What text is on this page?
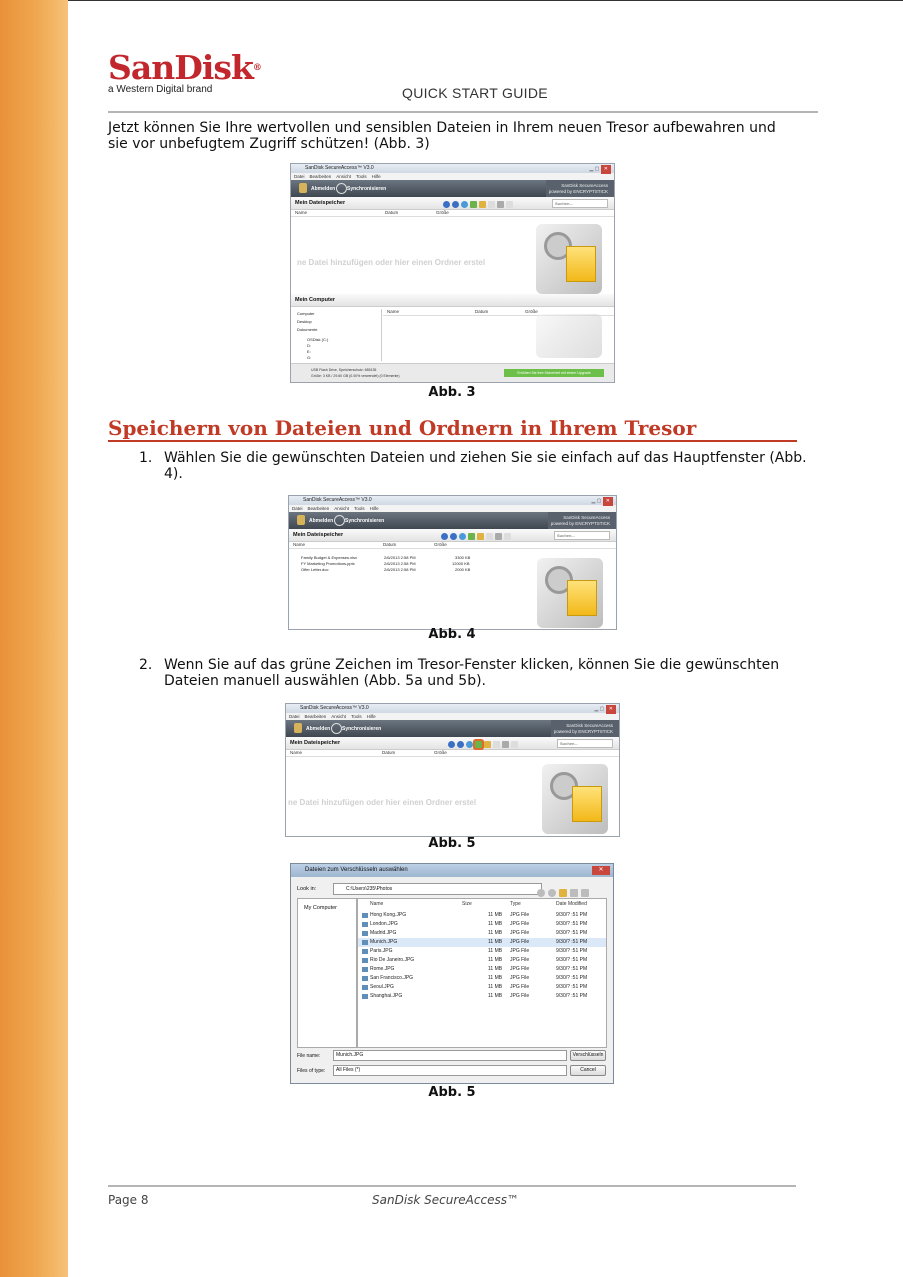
SanDisk®
a Western Digital brand	QUICK START GUIDE
Jetzt können Sie Ihre wertvollen und sensiblen Dateien in Ihrem neuen Tresor aufbewahren und
sie vor unbefugtem Zugriff schützen! (Abb. 3)
SanDisk SecureAccess™ V3.0	▁ ▢ ✕
Datei Bearbeiten Ansicht Tools Hilfe
Abmelden Synchronisieren
SanDisk SecureAccess
powered by ENCRYPTSTICK
Mein Dateispeicher	Suchen...
Name	Datum	Größe
ne Datei hinzufügen oder hier einen Ordner erstel
Mein Computer
Computer
Desktop
Dokumente
OSDisk (C:)
D:
E:
G:
Name	Datum	Größe
USB Flash Drive, Speicherschutz: 685135
Größe: 3 KB / 29.60 GB (0.00% verwendet) (0 Elemente)
Erhöhen Sie Ihre Sicherheit mit einem Upgrade
Abb. 3
Speichern von Dateien und Ordnern in Ihrem Tresor
1. Wählen Sie die gewünschten Dateien und ziehen Sie sie einfach auf das Hauptfenster (Abb.
4).
SanDisk SecureAccess™ V3.0	▁ ▢ ✕
Datei Bearbeiten Ansicht Tools Hilfe
Abmelden Synchronisieren
SanDisk SecureAccess
powered by ENCRYPTSTICK
Mein Dateispeicher	Suchen...
Name	Datum	Größe
Family Budget & Expenses.xlsx	2/6/2013 2:58 PM	3300 KB
FY Marketing Promotions.pptx	2/6/2013 2:58 PM	12000 KB
Offer Letter.doc	2/6/2013 2:58 PM	2000 KB
Abb. 4
2. Wenn Sie auf das grüne Zeichen im Tresor-Fenster klicken, können Sie die gewünschten
Dateien manuell auswählen (Abb. 5a und 5b).
SanDisk SecureAccess™ V3.0	▁ ▢ ✕
Datei Bearbeiten Ansicht Tools Hilfe
Abmelden Synchronisieren
SanDisk SecureAccess
powered by ENCRYPTSTICK
Mein Dateispeicher	Suchen...
Name	Datum	Größe
ne Datei hinzufügen oder hier einen Ordner erstel
Abb. 5
Dateien zum Verschlüsseln auswählen	✕
Look in:	C:\Users\235\Photos
My Computer
Name	Size	Type	Date Modified
Hong Kong.JPG	11 MB JPG File	9/30/? :51 PM
London.JPG	11 MB JPG File	9/30/? :51 PM
Madrid.JPG	11 MB JPG File	9/30/? :51 PM
Munich.JPG	11 MB JPG File	9/30/? :51 PM
Paris.JPG	11 MB JPG File	9/30/? :51 PM
Rio De Janeiro.JPG	11 MB JPG File	9/30/? :51 PM
Rome.JPG	11 MB JPG File	9/30/? :51 PM
San Francisco.JPG	11 MB JPG File	9/30/? :51 PM
Seoul.JPG	11 MB JPG File	9/30/? :51 PM
Shanghai.JPG	11 MB JPG File	9/30/? :51 PM
File name:	Munich.JPG	Verschlüsseln
Files of type:	All Files (*)	Cancel
Abb. 5
Page 8	SanDisk SecureAccess™
